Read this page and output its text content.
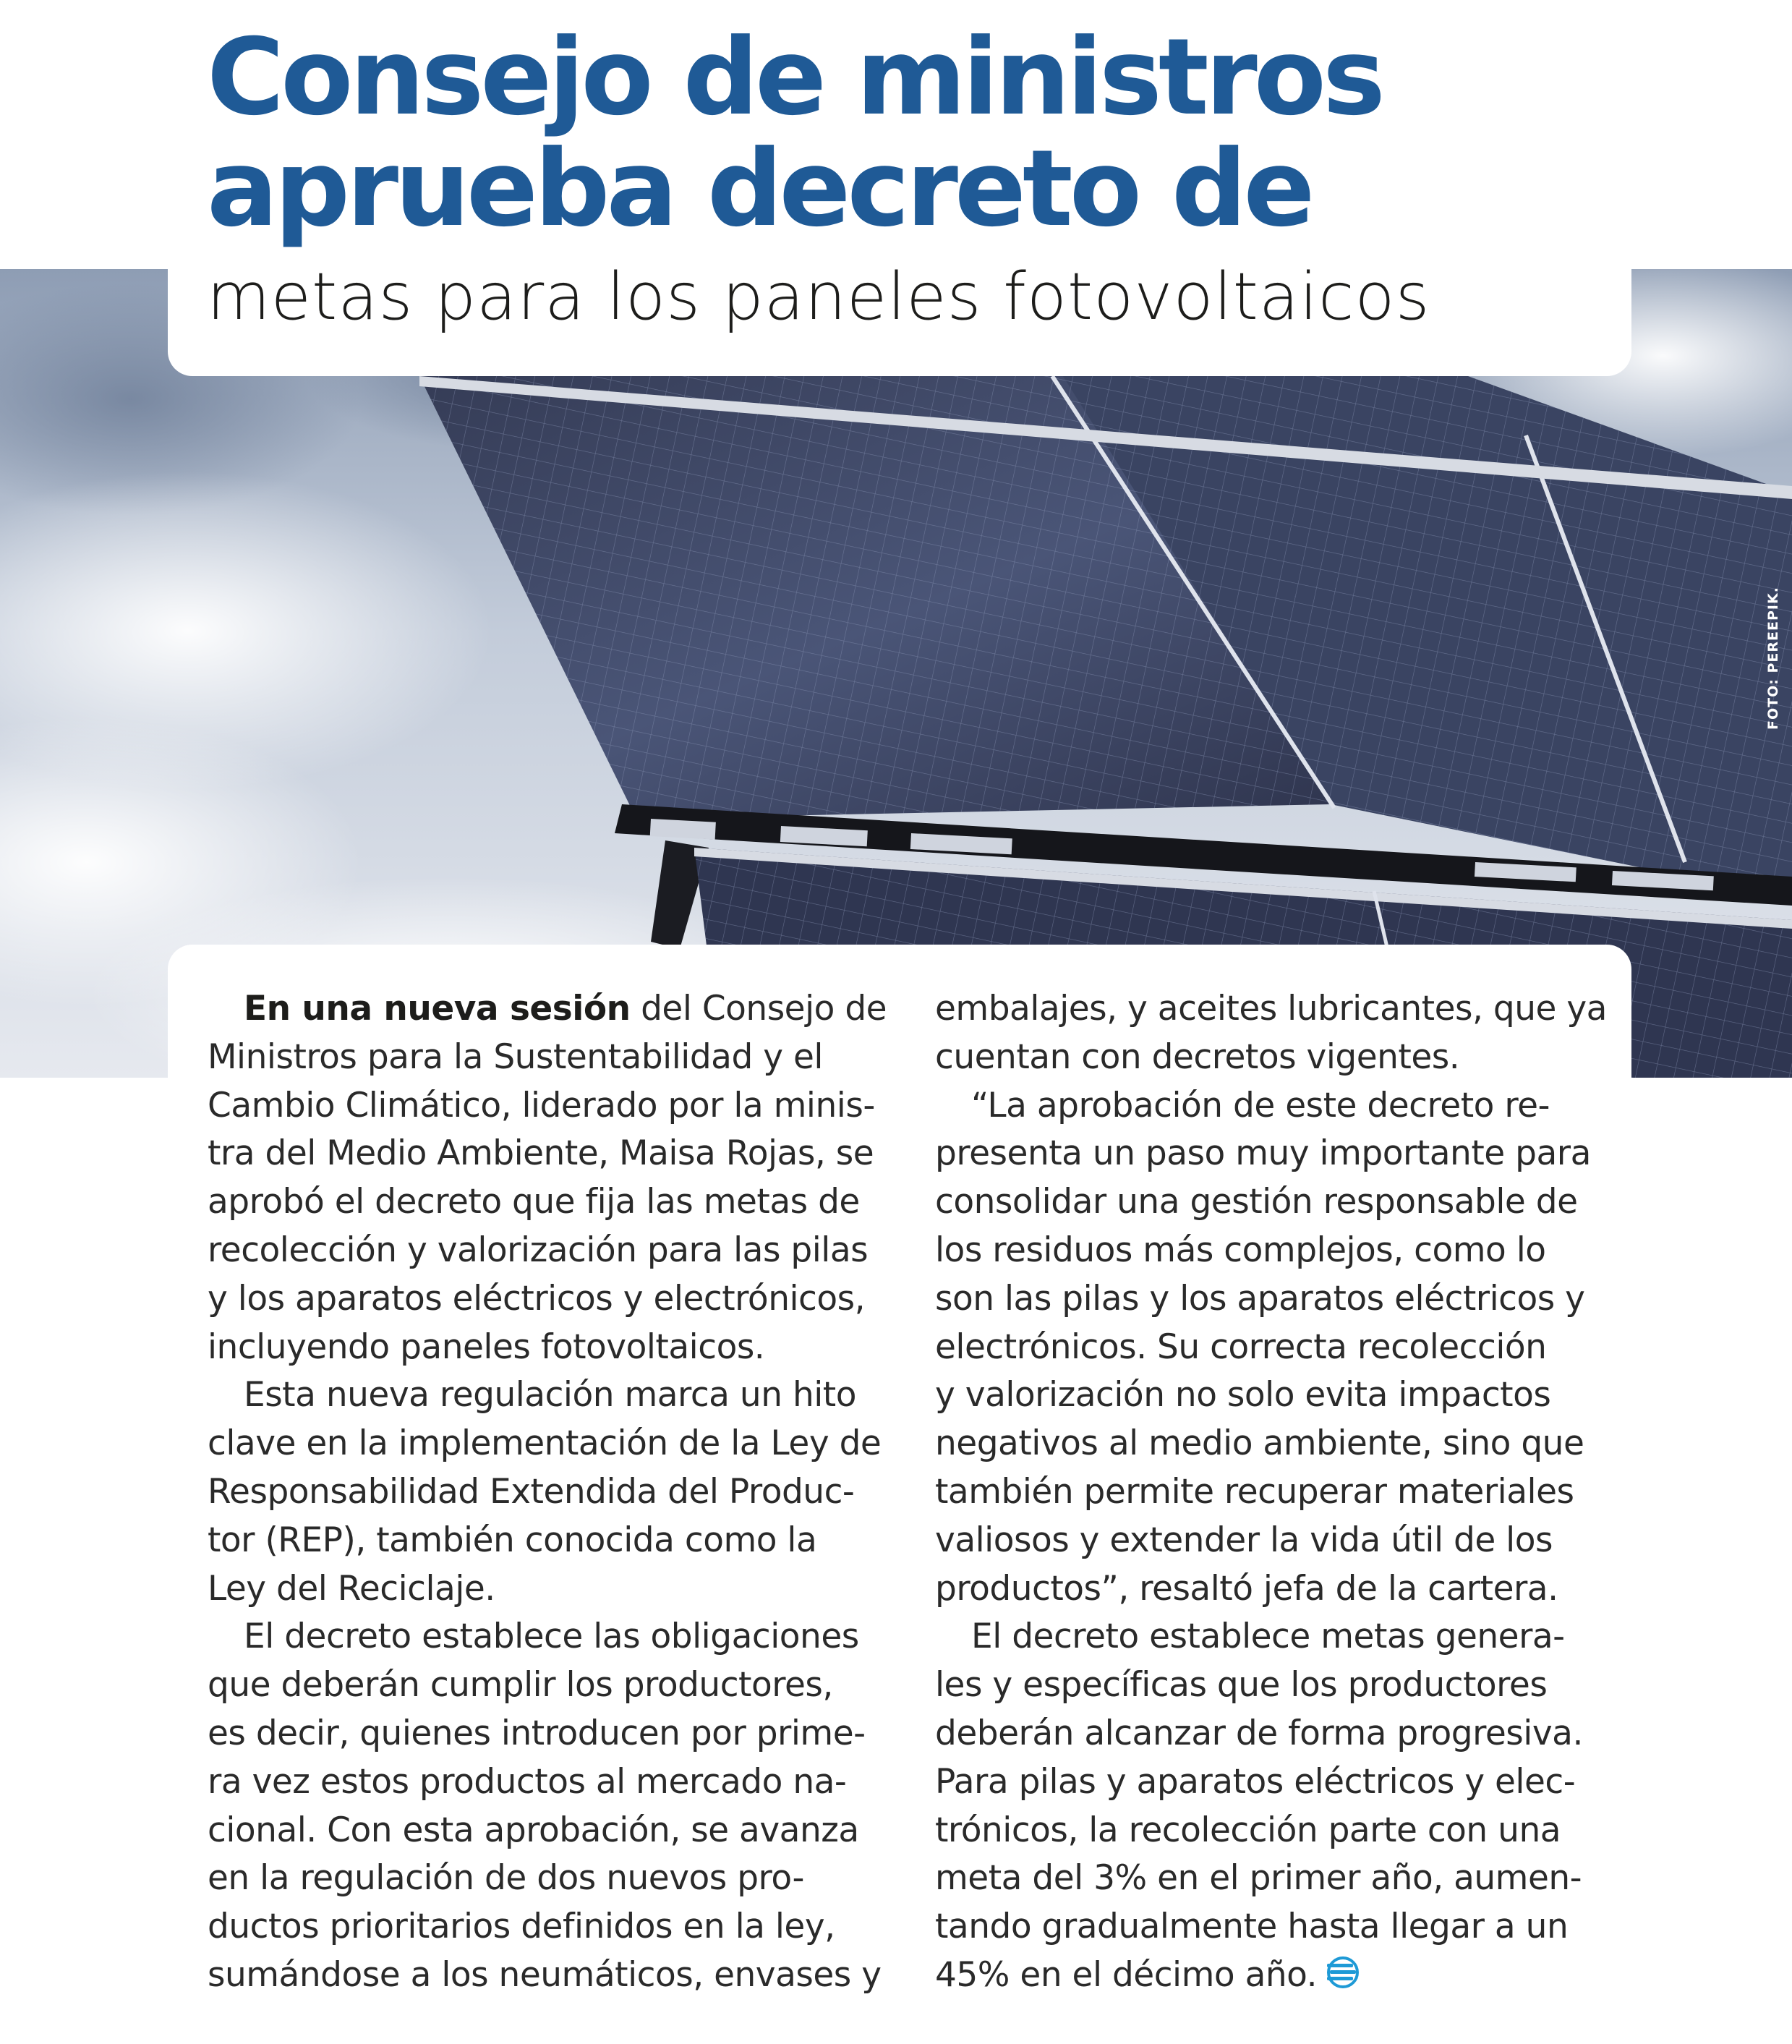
Consejo de ministros
aprueba decreto de
metas para los paneles fotovoltaicos
FOTO: PEREEPIK.
En una nueva sesión del Consejo de
Ministros para la Sustentabilidad y el
Cambio Climático, liderado por la minis-
tra del Medio Ambiente, Maisa Rojas, se
aprobó el decreto que fija las metas de
recolección y valorización para las pilas
y los aparatos eléctricos y electrónicos,
incluyendo paneles fotovoltaicos.
Esta nueva regulación marca un hito
clave en la implementación de la Ley de
Responsabilidad Extendida del Produc-
tor (REP), también conocida como la
Ley del Reciclaje.
El decreto establece las obligaciones
que deberán cumplir los productores,
es decir, quienes introducen por prime-
ra vez estos productos al mercado na-
cional. Con esta aprobación, se avanza
en la regulación de dos nuevos pro-
ductos prioritarios definidos en la ley,
sumándose a los neumáticos, envases y
embalajes, y aceites lubricantes, que ya
cuentan con decretos vigentes.
“La aprobación de este decreto re-
presenta un paso muy importante para
consolidar una gestión responsable de
los residuos más complejos, como lo
son las pilas y los aparatos eléctricos y
electrónicos. Su correcta recolección
y valorización no solo evita impactos
negativos al medio ambiente, sino que
también permite recuperar materiales
valiosos y extender la vida útil de los
productos”, resaltó jefa de la cartera.
El decreto establece metas genera-
les y específicas que los productores
deberán alcanzar de forma progresiva.
Para pilas y aparatos eléctricos y elec-
trónicos, la recolección parte con una
meta del 3% en el primer año, aumen-
tando gradualmente hasta llegar a un
45% en el décimo año.
